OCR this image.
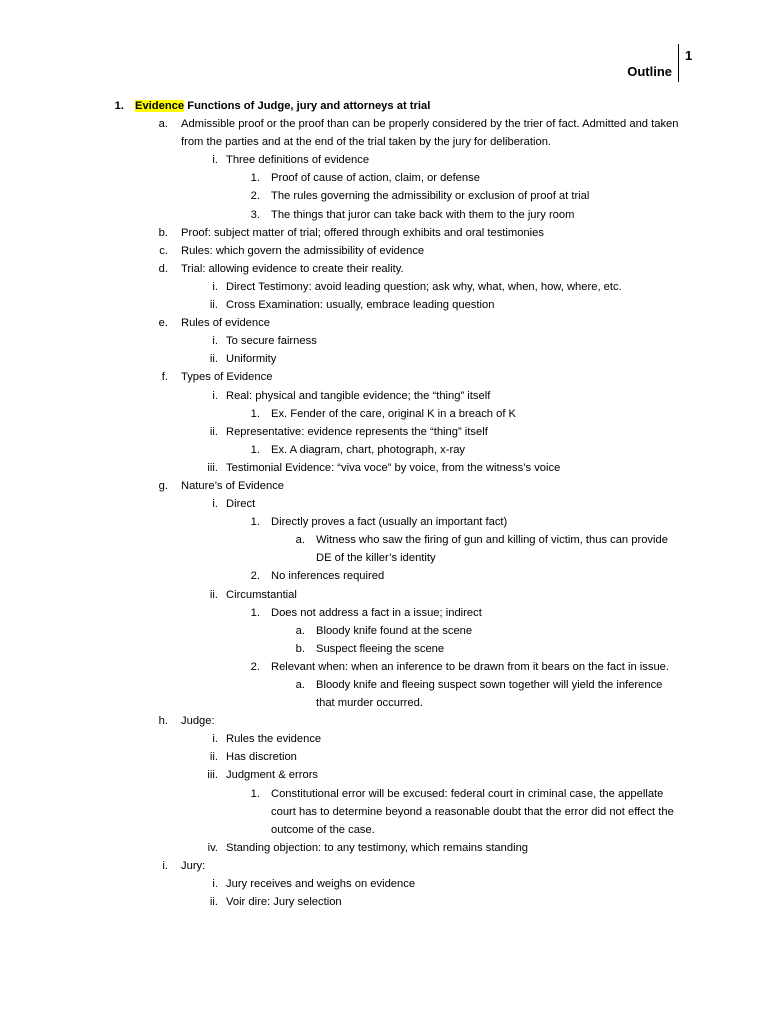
1
Outline
1. Evidence Functions of Judge, jury and attorneys at trial
a. Admissible proof or the proof than can be properly considered by the trier of fact. Admitted and taken from the parties and at the end of the trial taken by the jury for deliberation.
i. Three definitions of evidence
1. Proof of cause of action, claim, or defense
2. The rules governing the admissibility or exclusion of proof at trial
3. The things that juror can take back with them to the jury room
b. Proof: subject matter of trial; offered through exhibits and oral testimonies
c. Rules: which govern the admissibility of evidence
d. Trial: allowing evidence to create their reality.
i. Direct Testimony: avoid leading question; ask why, what, when, how, where, etc.
ii. Cross Examination: usually, embrace leading question
e. Rules of evidence
i. To secure fairness
ii. Uniformity
f. Types of Evidence
i. Real: physical and tangible evidence; the “thing” itself
1. Ex. Fender of the care, original K in a breach of K
ii. Representative: evidence represents the “thing” itself
1. Ex. A diagram, chart, photograph, x-ray
iii. Testimonial Evidence: “viva voce” by voice, from the witness’s voice
g. Nature’s of Evidence
i. Direct
1. Directly proves a fact (usually an important fact)
a. Witness who saw the firing of gun and killing of victim, thus can provide DE of the killer’s identity
2. No inferences required
ii. Circumstantial
1. Does not address a fact in a issue; indirect
a. Bloody knife found at the scene
b. Suspect fleeing the scene
2. Relevant when: when an inference to be drawn from it bears on the fact in issue.
a. Bloody knife and fleeing suspect sown together will yield the inference that murder occurred.
h. Judge:
i. Rules the evidence
ii. Has discretion
iii. Judgment & errors
1. Constitutional error will be excused: federal court in criminal case, the appellate court has to determine beyond a reasonable doubt that the error did not effect the outcome of the case.
iv. Standing objection: to any testimony, which remains standing
i. Jury:
i. Jury receives and weighs on evidence
ii. Voir dire: Jury selection
